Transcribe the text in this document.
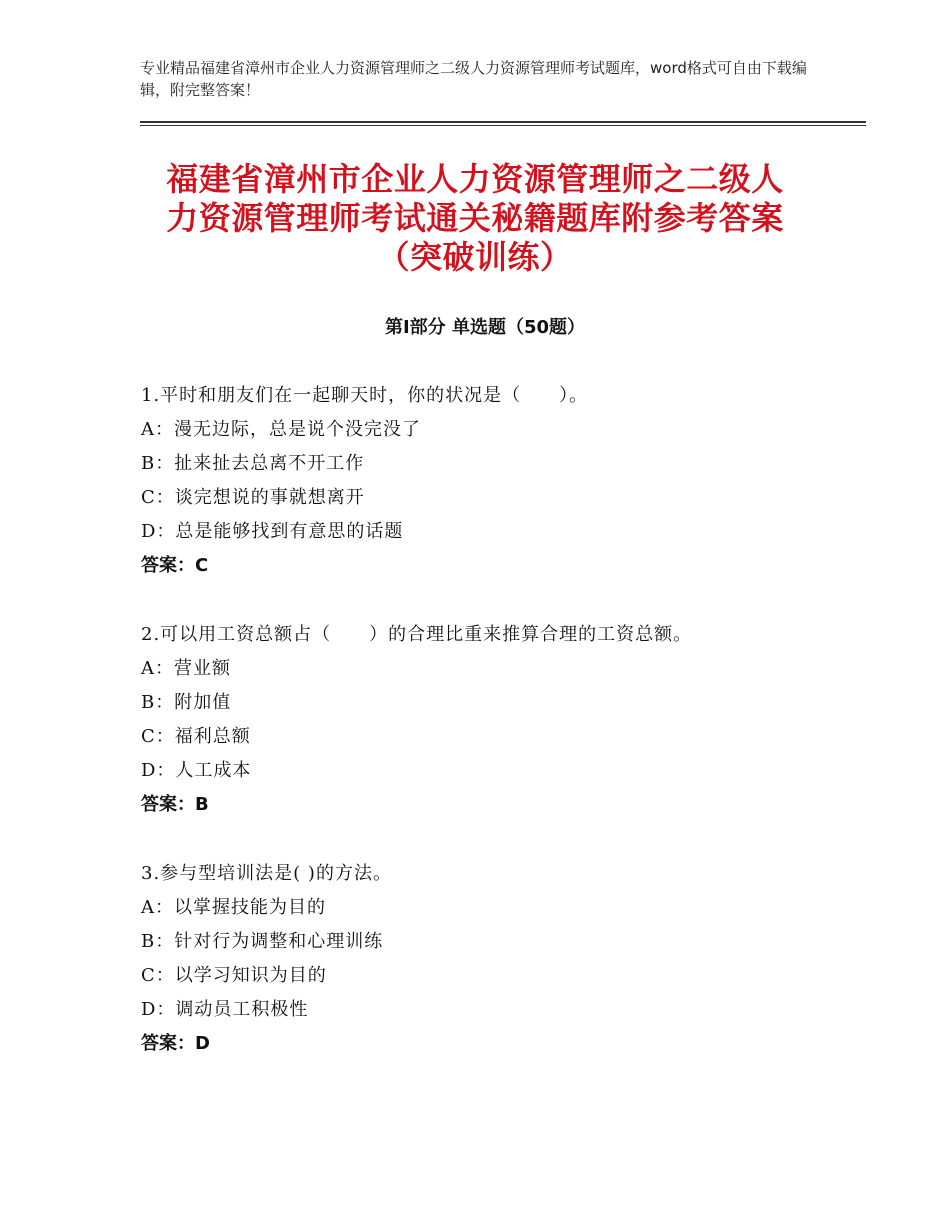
专业精品福建省漳州市企业人力资源管理师之二级人力资源管理师考试题库，word格式可自由下载编辑，附完整答案！
福建省漳州市企业人力资源管理师之二级人
力资源管理师考试通关秘籍题库附参考答案
（突破训练）
第Ⅰ部分 单选题（50题）
1.平时和朋友们在一起聊天时，你的状况是（　　）。
A：漫无边际，总是说个没完没了
B：扯来扯去总离不开工作
C：谈完想说的事就想离开
D：总是能够找到有意思的话题
答案：C
2.可以用工资总额占（　　）的合理比重来推算合理的工资总额。
A：营业额
B：附加值
C：福利总额
D：人工成本
答案：B
3.参与型培训法是( )的方法。
A：以掌握技能为目的
B：针对行为调整和心理训练
C：以学习知识为目的
D：调动员工积极性
答案：D
